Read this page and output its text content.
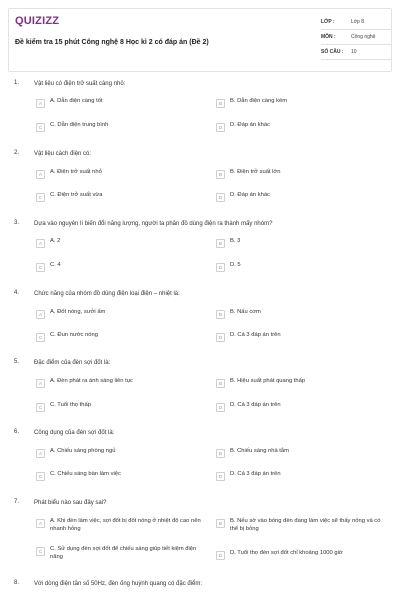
QUIZIZZ
Đề kiểm tra 15 phút Công nghệ 8 Học kì 2 có đáp án (Đề 2)
LỚP :	Lớp 8
MÔN :	Công nghệ
SỐ CÂU :	10
1. Vật liệu có điện trở suất càng nhỏ:
A	A. Dẫn điện càng tốt	B	B. Dẫn điện càng kém
C	C. Dẫn điện trung bình	D	D. Đáp án khác
2. Vật liệu cách điện có:
A	A. Điện trở suất nhỏ	B	B. Điện trở suất lớn
C	C. Điện trở suất vừa	D	D. Đáp án khác
3. Dựa vào nguyên lí biến đổi năng lượng, người ta phân đồ dùng điện ra thành mấy nhóm?
A	A. 2	B	B. 3
C	C. 4	D	D. 5
4. Chức năng của nhóm đồ dùng điện loại điện – nhiệt là:
A	A. Đốt nóng, sưởi ấm	B	B. Nấu cơm
C	C. Đun nước nóng	D	D. Cả 3 đáp án trên
5. Đặc điểm của đèn sợi đốt là:
A	A. Đèn phát ra ánh sáng liên tục	B	B. Hiệu suất phát quang thấp
C	C. Tuổi thọ thấp	D	D. Cả 3 đáp án trên
6. Công dụng của đèn sợi đốt là:
A	A. Chiếu sáng phòng ngủ	B	B. Chiếu sáng nhà tắm
C	C. Chiếu sáng bàn làm việc	D	D. Cả 3 đáp án trên
7. Phát biểu nào sau đây sai?
A	A. Khi đèn làm việc, sợi đốt bị đốt nóng ở nhiệt độ cao nên nhanh hỏng
B	B. Nếu sờ vào bóng đèn đang làm việc sẽ thấy nóng và có thể bị bỏng
C	C. Sử dụng đèn sợi đốt để chiếu sáng giúp tiết kiệm điện năng	D	D. Tuổi thọ đèn sợi đốt chỉ khoảng 1000 giờ
8. Với dòng điện tần số 50Hz, đèn ống huỳnh quang có đặc điểm:
